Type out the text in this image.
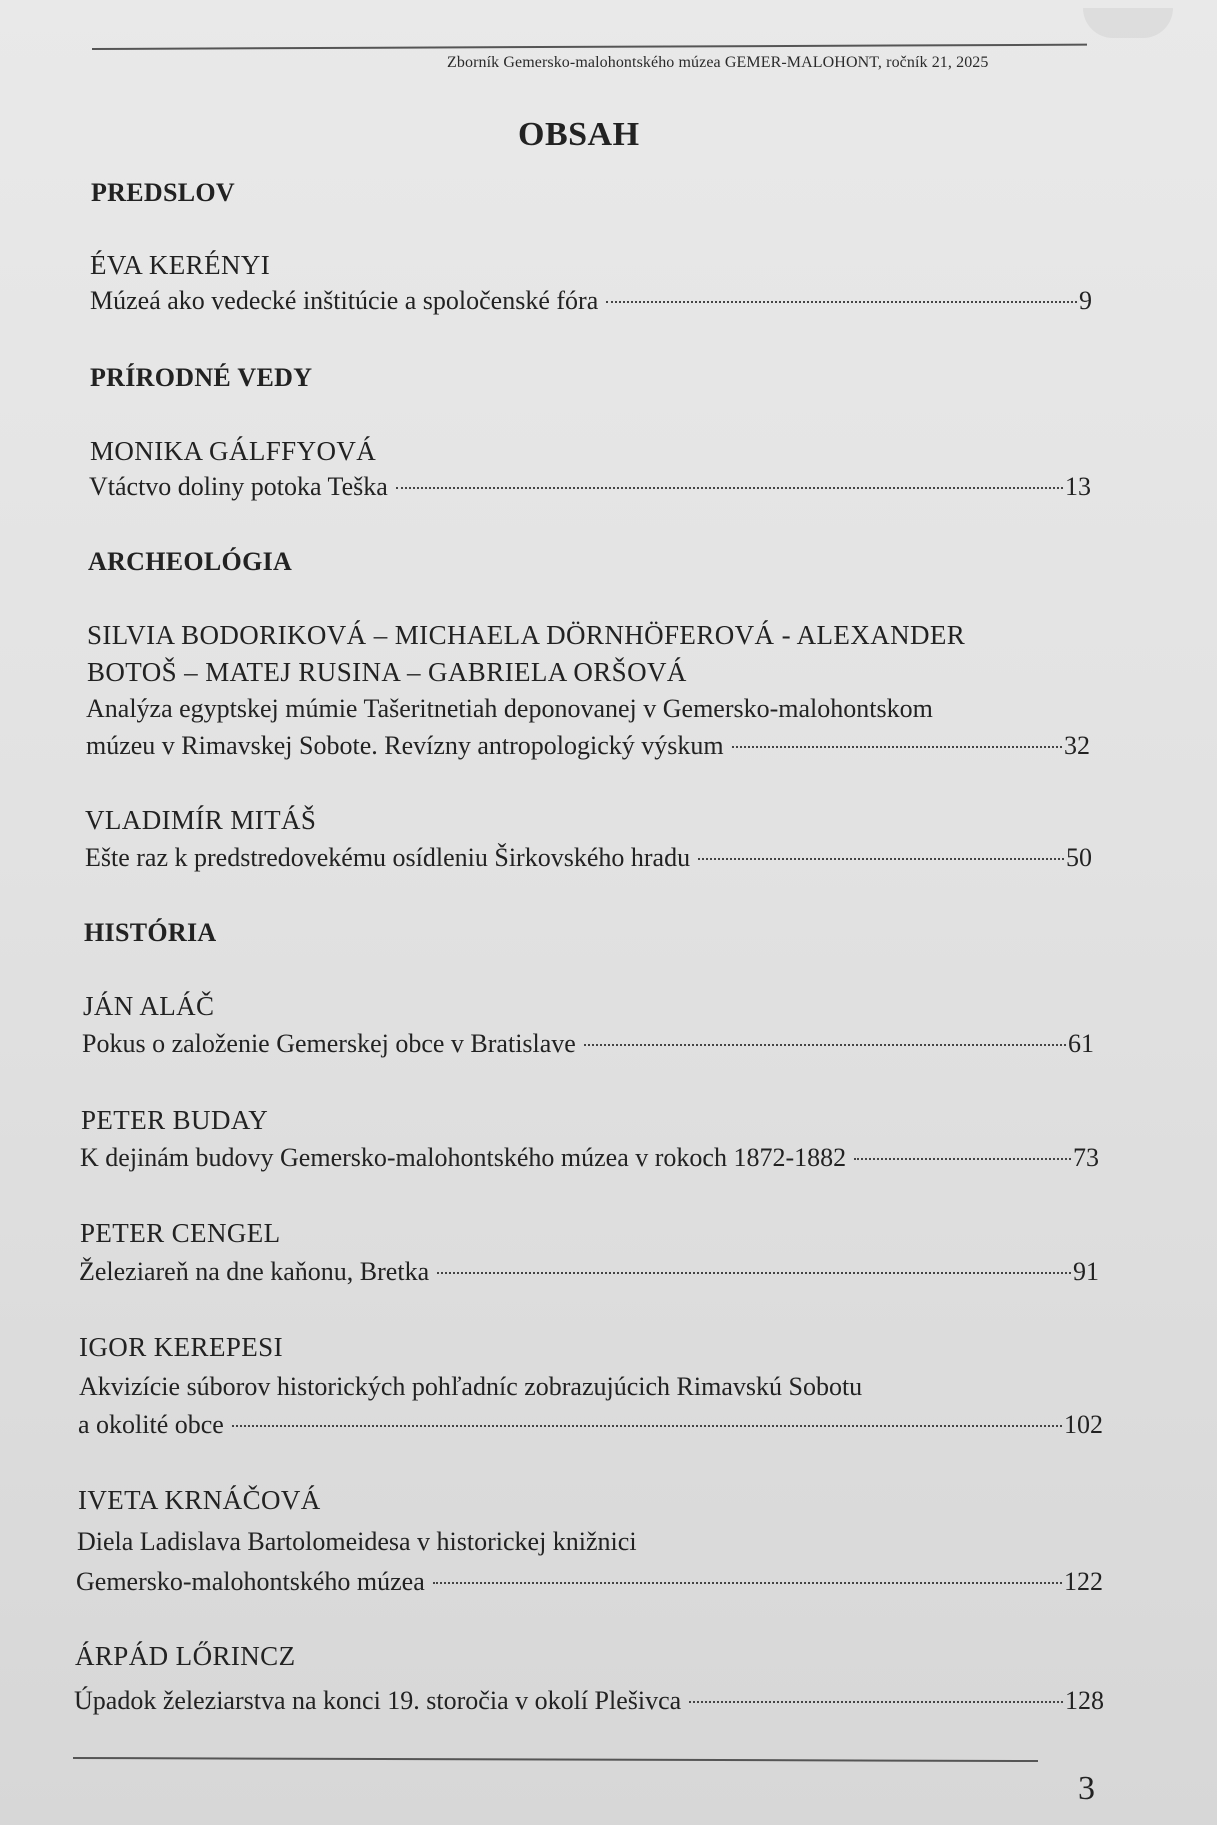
Zborník Gemersko-malohontského múzea GEMER-MALOHONT, ročník 21, 2025
OBSAH
PREDSLOV
ÉVA KERÉNYI
Múzeá ako vedecké inštitúcie a spoločenské fóra	9
PRÍRODNÉ VEDY
MONIKA GÁLFFYOVÁ
Vtáctvo doliny potoka Teška	13
ARCHEOLÓGIA
SILVIA BODORIKOVÁ – MICHAELA DÖRNHÖFEROVÁ - ALEXANDER
BOTOŠ – MATEJ RUSINA – GABRIELA ORŠOVÁ
Analýza egyptskej múmie Tašeritnetiah deponovanej v Gemersko-malohontskom
múzeu v Rimavskej Sobote. Revízny antropologický výskum	32
VLADIMÍR MITÁŠ
Ešte raz k predstredovekému osídleniu Širkovského hradu	50
HISTÓRIA
JÁN ALÁČ
Pokus o založenie Gemerskej obce v Bratislave	61
PETER BUDAY
K dejinám budovy Gemersko-malohontského múzea v rokoch 1872-1882	73
PETER CENGEL
Železiareň na dne kaňonu, Bretka	91
IGOR KEREPESI
Akvizície súborov historických pohľadníc zobrazujúcich Rimavskú Sobotu
a okolité obce	102
IVETA KRNÁČOVÁ
Diela Ladislava Bartolomeidesa v historickej knižnici
Gemersko-malohontského múzea	122
ÁRPÁD LŐRINCZ
Úpadok železiarstva na konci 19. storočia v okolí Plešivca	128
3
